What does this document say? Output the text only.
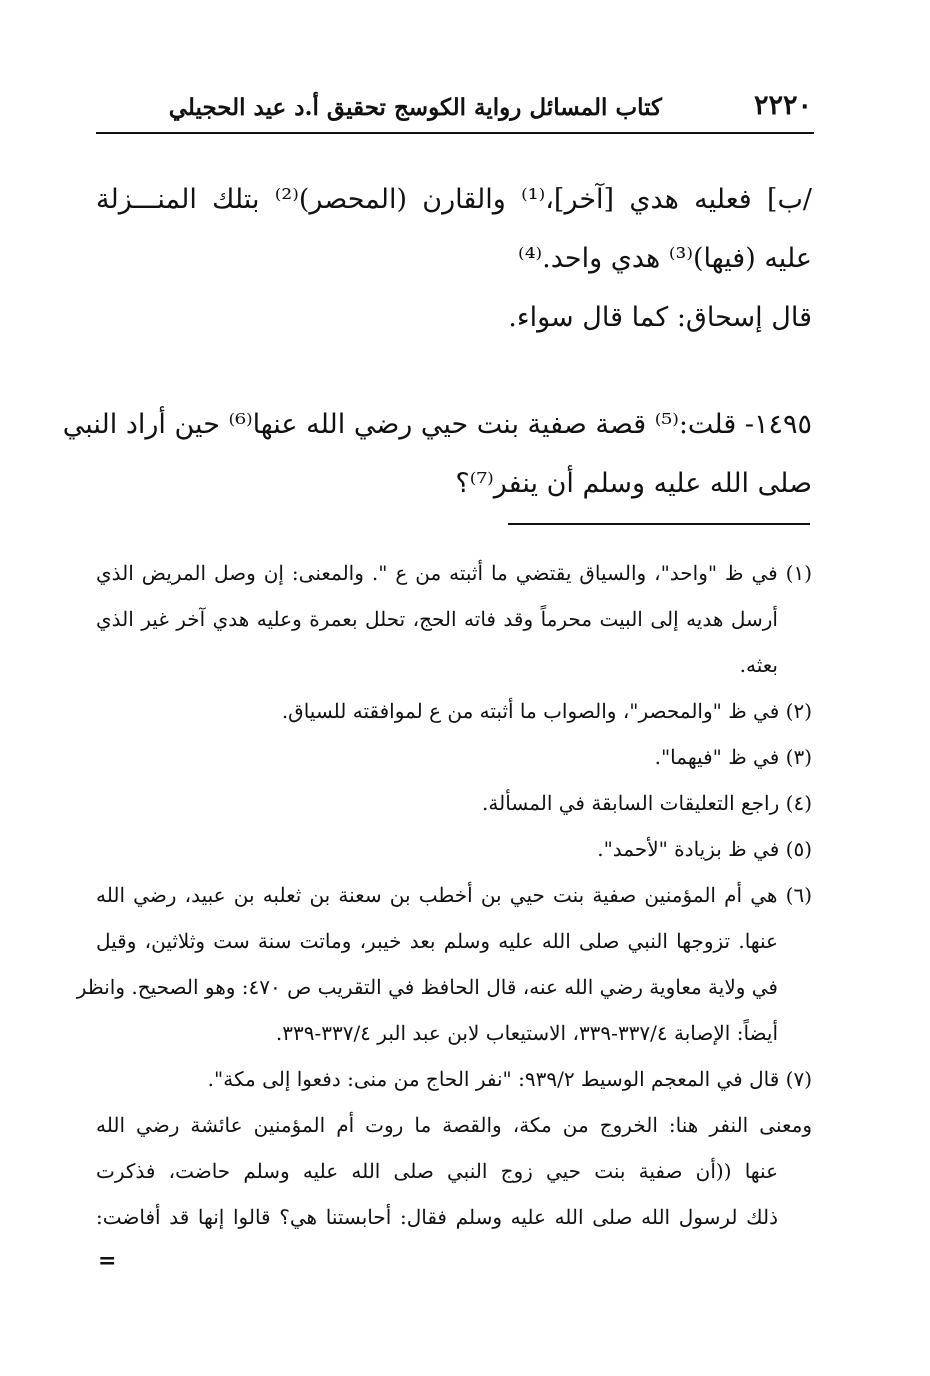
٢٢٢٠
كتاب المسائل رواية الكوسج تحقيق أ.د عيد الحجيلي
/ب] فعليه هدي [آخر]،⁽¹⁾ والقارن (المحصر)⁽²⁾ بتلك المنـــزلة
عليه (فيها)⁽³⁾ هدي واحد.⁽⁴⁾
قال إسحاق: كما قال سواء.
١٤٩٥- قلت:⁽⁵⁾ قصة صفية بنت حيي رضي الله عنها⁽⁶⁾ حين أراد النبي
صلى الله عليه وسلم أن ينفر⁽⁷⁾؟
(١) في ظ "واحد"، والسياق يقتضي ما أثبته من ع ". والمعنى: إن وصل المريض الذي
أرسل هديه إلى البيت محرماً وقد فاته الحج، تحلل بعمرة وعليه هدي آخر غير الذي
بعثه.
(٢) في ظ "والمحصر"، والصواب ما أثبته من ع لموافقته للسياق.
(٣) في ظ "فيهما".
(٤) راجع التعليقات السابقة في المسألة.
(٥) في ظ بزيادة "لأحمد".
(٦) هي أم المؤمنين صفية بنت حيي بن أخطب بن سعنة بن ثعلبه بن عبيد، رضي الله
عنها. تزوجها النبي صلى الله عليه وسلم بعد خيبر، وماتت سنة ست وثلاثين، وقيل
في ولاية معاوية رضي الله عنه، قال الحافظ في التقريب ص ٤٧٠: وهو الصحيح. وانظر
أيضاً: الإصابة ٣٣٧/٤-٣٣٩، الاستيعاب لابن عبد البر ٣٣٧/٤-٣٣٩.
(٧) قال في المعجم الوسيط ٩٣٩/٢: "نفر الحاج من منى: دفعوا إلى مكة".
ومعنى النفر هنا: الخروج من مكة، والقصة ما روت أم المؤمنين عائشة رضي الله
عنها ((أن صفية بنت حيي زوج النبي صلى الله عليه وسلم حاضت، فذكرت
ذلك لرسول الله صلى الله عليه وسلم فقال: أحابستنا هي؟ قالوا إنها قد أفاضت:
=
